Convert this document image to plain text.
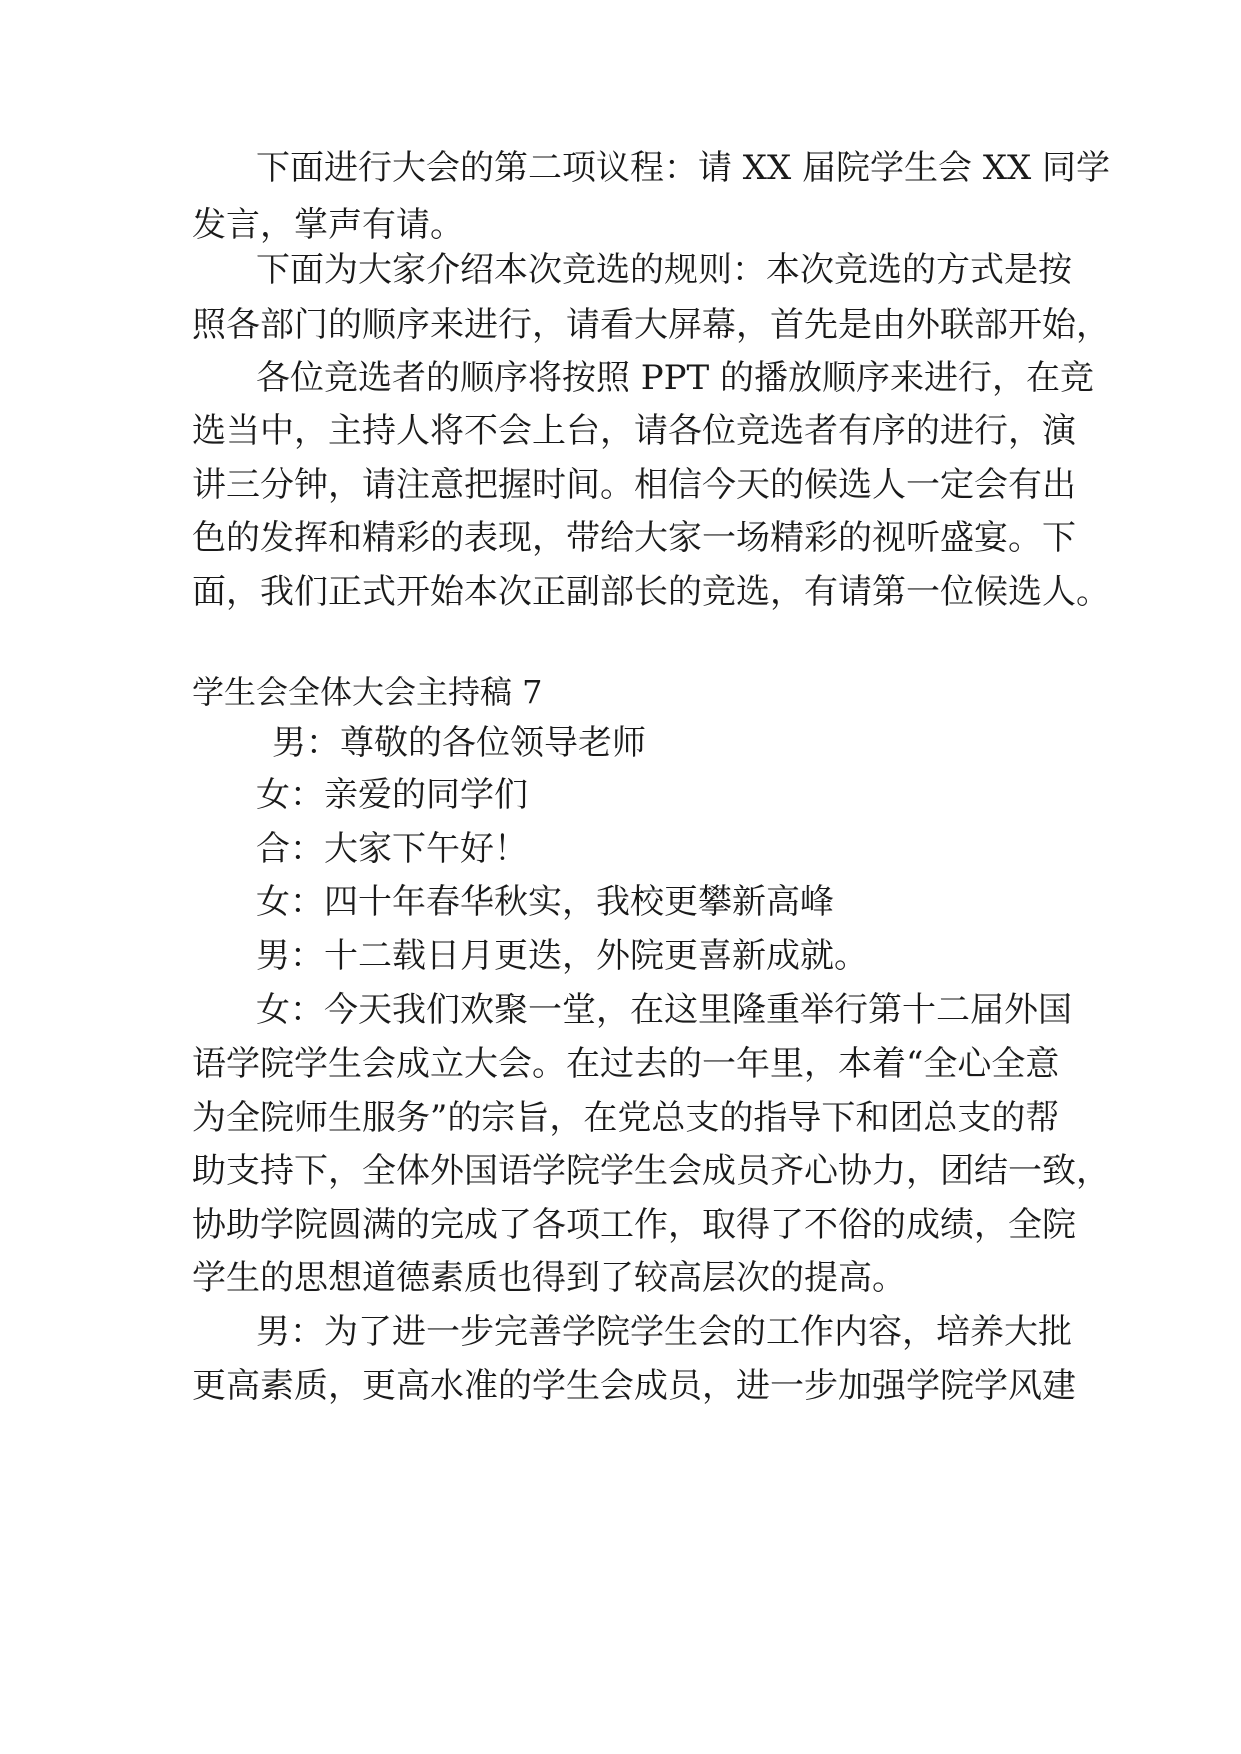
下面进行大会的第二项议程：请 XX 届院学生会 XX 同学
发言，掌声有请。
下面为大家介绍本次竞选的规则：本次竞选的方式是按
照各部门的顺序来进行，请看大屏幕，首先是由外联部开始，
各位竞选者的顺序将按照 PPT 的播放顺序来进行，在竞
选当中，主持人将不会上台，请各位竞选者有序的进行，演
讲三分钟，请注意把握时间。相信今天的候选人一定会有出
色的发挥和精彩的表现，带给大家一场精彩的视听盛宴。下
面，我们正式开始本次正副部长的竞选，有请第一位候选人。
学生会全体大会主持稿 7
男：尊敬的各位领导老师
女：亲爱的同学们
合：大家下午好！
女：四十年春华秋实，我校更攀新高峰
男：十二载日月更迭，外院更喜新成就。
女：今天我们欢聚一堂，在这里隆重举行第十二届外国
语学院学生会成立大会。在过去的一年里，本着“全心全意
为全院师生服务”的宗旨，在党总支的指导下和团总支的帮
助支持下，全体外国语学院学生会成员齐心协力，团结一致，
协助学院圆满的完成了各项工作，取得了不俗的成绩，全院
学生的思想道德素质也得到了较高层次的提高。
男：为了进一步完善学院学生会的工作内容，培养大批
更高素质，更高水准的学生会成员，进一步加强学院学风建
